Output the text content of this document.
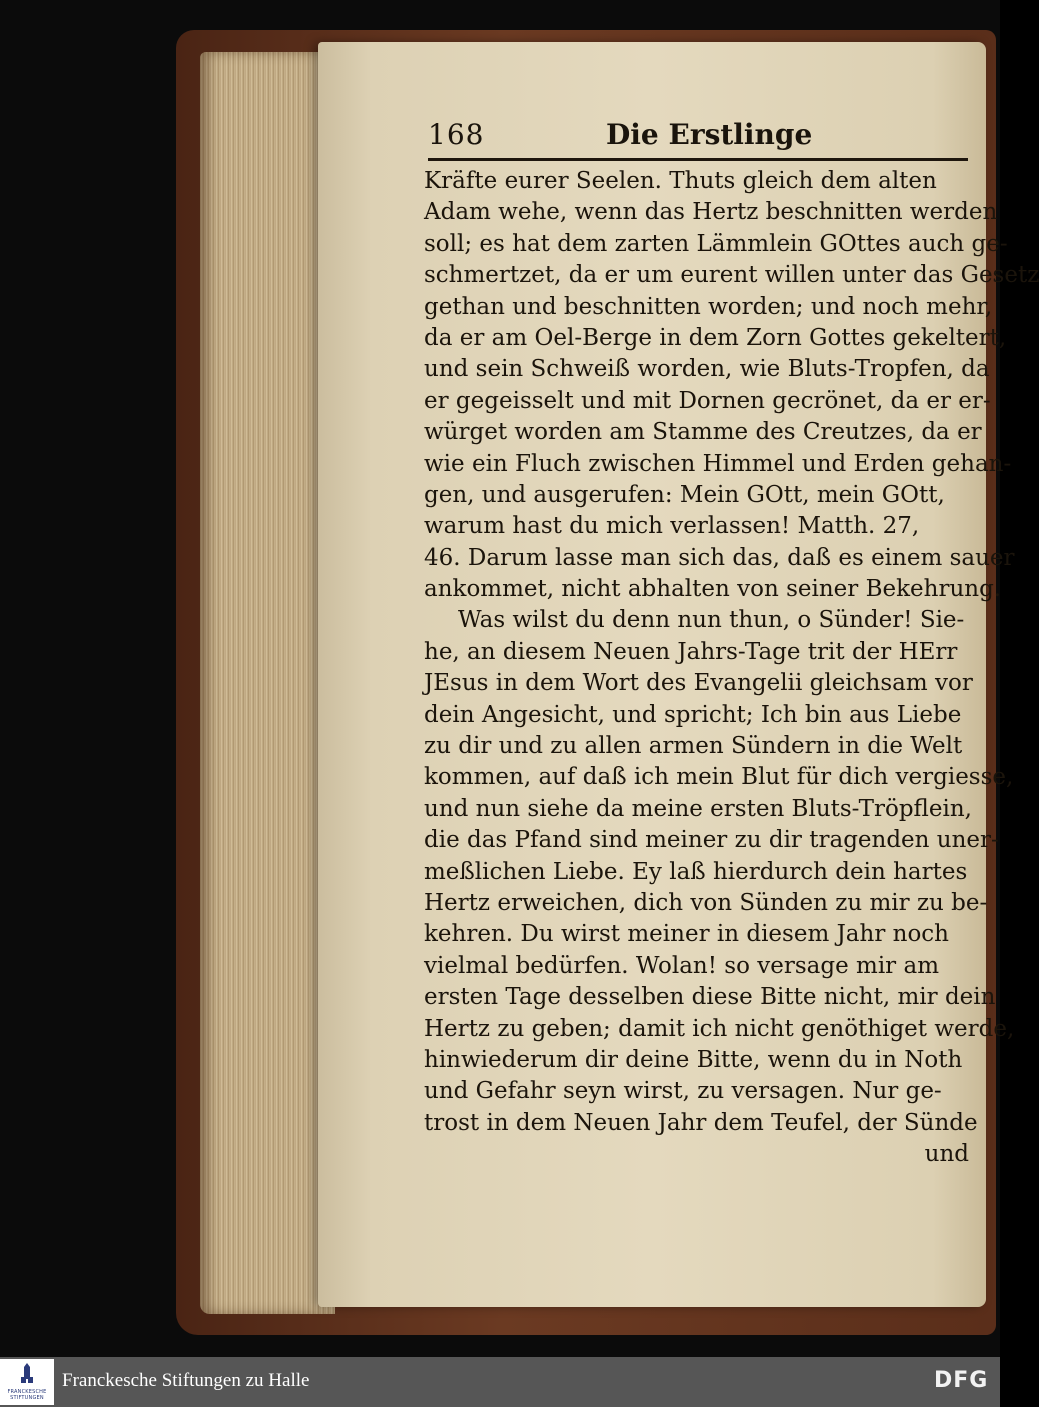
168	Die Erstlinge
Kräfte eurer Seelen. Thuts gleich dem alten
Adam wehe, wenn das Hertz beschnitten werden
soll; es hat dem zarten Lämmlein GOttes auch ge-
schmertzet, da er um eurent willen unter das Gesetz
gethan und beschnitten worden; und noch mehr,
da er am Oel-Berge in dem Zorn Gottes gekeltert,
und sein Schweiß worden, wie Bluts-Tropfen, da
er gegeisselt und mit Dornen gecrönet, da er er-
würget worden am Stamme des Creutzes, da er
wie ein Fluch zwischen Himmel und Erden gehan-
gen, und ausgerufen: Mein GOtt, mein GOtt,
warum hast du mich verlassen! Matth. 27,
46. Darum lasse man sich das, daß es einem sauer
ankommet, nicht abhalten von seiner Bekehrung.
Was wilst du denn nun thun, o Sünder! Sie-
he, an diesem Neuen Jahrs-Tage trit der HErr
JEsus in dem Wort des Evangelii gleichsam vor
dein Angesicht, und spricht; Ich bin aus Liebe
zu dir und zu allen armen Sündern in die Welt
kommen, auf daß ich mein Blut für dich vergiesse,
und nun siehe da meine ersten Bluts-Tröpflein,
die das Pfand sind meiner zu dir tragenden uner-
meßlichen Liebe. Ey laß hierdurch dein hartes
Hertz erweichen, dich von Sünden zu mir zu be-
kehren. Du wirst meiner in diesem Jahr noch
vielmal bedürfen. Wolan! so versage mir am
ersten Tage desselben diese Bitte nicht, mir dein
Hertz zu geben; damit ich nicht genöthiget werde,
hinwiederum dir deine Bitte, wenn du in Noth
und Gefahr seyn wirst, zu versagen. Nur ge-
trost in dem Neuen Jahr dem Teufel, der Sünde
und
FRANCKESCHE STIFTUNGEN
Franckesche Stiftungen zu Halle	DFG
